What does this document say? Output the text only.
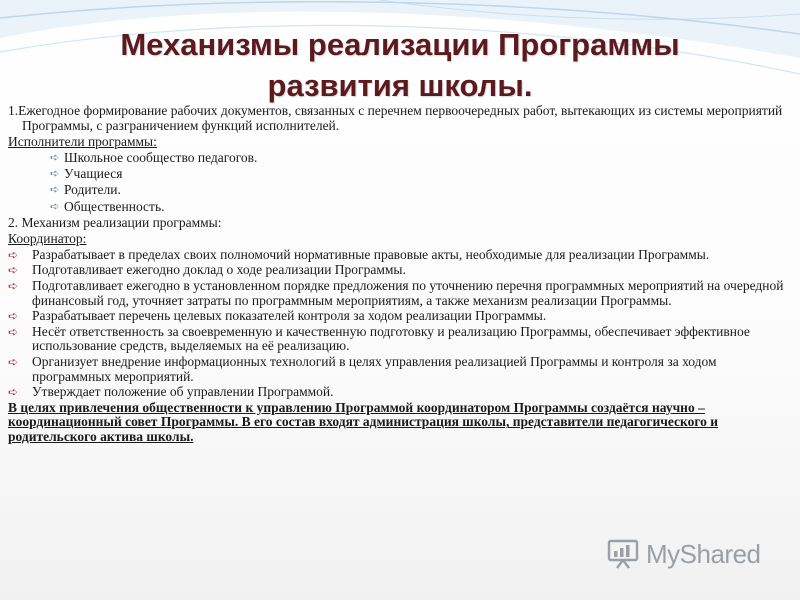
Механизмы реализации Программы
развития школы.

1.Ежегодное формирование рабочих документов, связанных с перечнем первоочередных работ, вытекающих из системы мероприятий Программы, с разграничением функций исполнителей.

Исполнители программы:

➪ Школьное сообщество педагогов.
➪ Учащиеся
➪ Родители.
➪ Общественность.

2. Механизм реализации программы:

Координатор:

➪ Разрабатывает в пределах своих полномочий нормативные правовые акты, необходимые для реализации Программы.
➪ Подготавливает ежегодно доклад о ходе реализации Программы.
➪ Подготавливает ежегодно в установленном порядке предложения по уточнению перечня программных мероприятий на очередной финансовый год, уточняет затраты по программным мероприятиям, а также механизм реализации Программы.
➪ Разрабатывает перечень целевых показателей контроля за ходом реализации Программы.
➪ Несёт ответственность за своевременную и качественную подготовку и реализацию Программы, обеспечивает эффективное использование средств, выделяемых на её реализацию.
➪ Организует внедрение информационных технологий в целях управления реализацией Программы и контроля за ходом программных мероприятий.
➪ Утверждает положение об управлении Программой.

В целях привлечения общественности к управлению Программой координатором Программы создаётся научно – координационный совет Программы. В его состав входят администрация школы, представители педагогического и родительского актива школы.

MyShared
